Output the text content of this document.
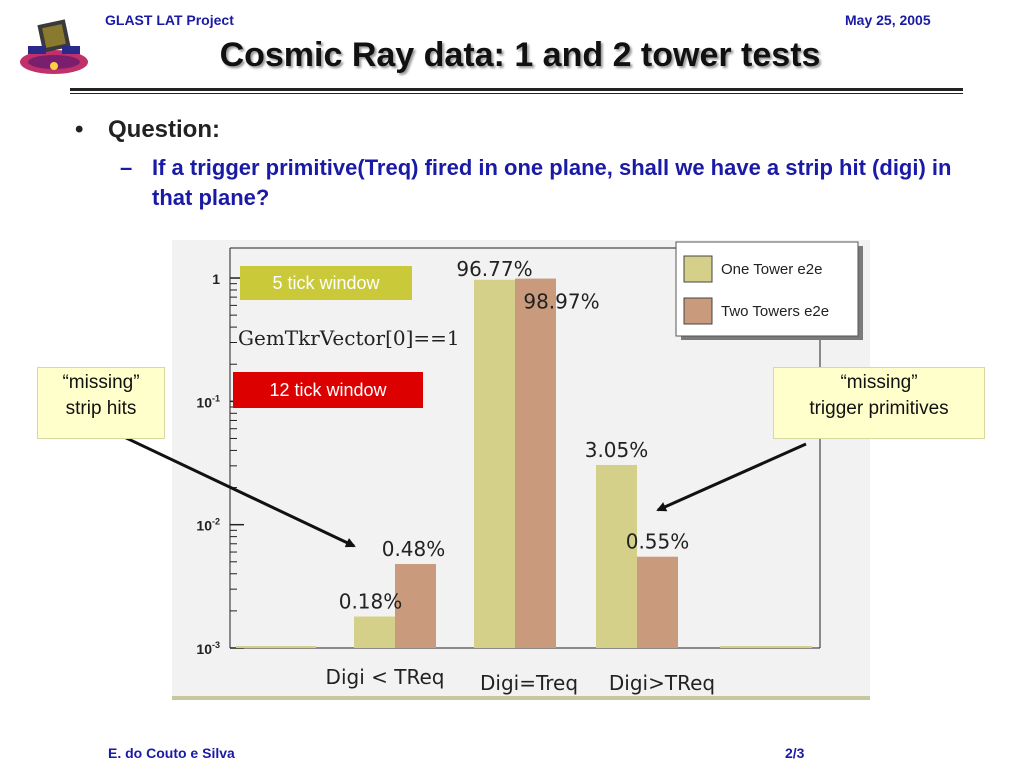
GLAST LAT Project	May 25, 2005
Cosmic Ray data: 1 and 2 tower tests
• Question:
– If a trigger primitive(Treq) fired in one plane, shall we have a strip hit (digi) in that plane?
$10^{-3}$
$10^{-2}$
$10^{-1}$
1
0.18%
0.48%
96.77%
98.97%
3.05%
0.55%
Digi < TReq Digi=Treq Digi>TReq
GemTkrVector[0]==1
One Tower e2e
Two Towers e2e
5 tick window
12 tick window
“missing”
strip hits
“missing”
trigger primitives
E. do Couto e Silva	2/3
